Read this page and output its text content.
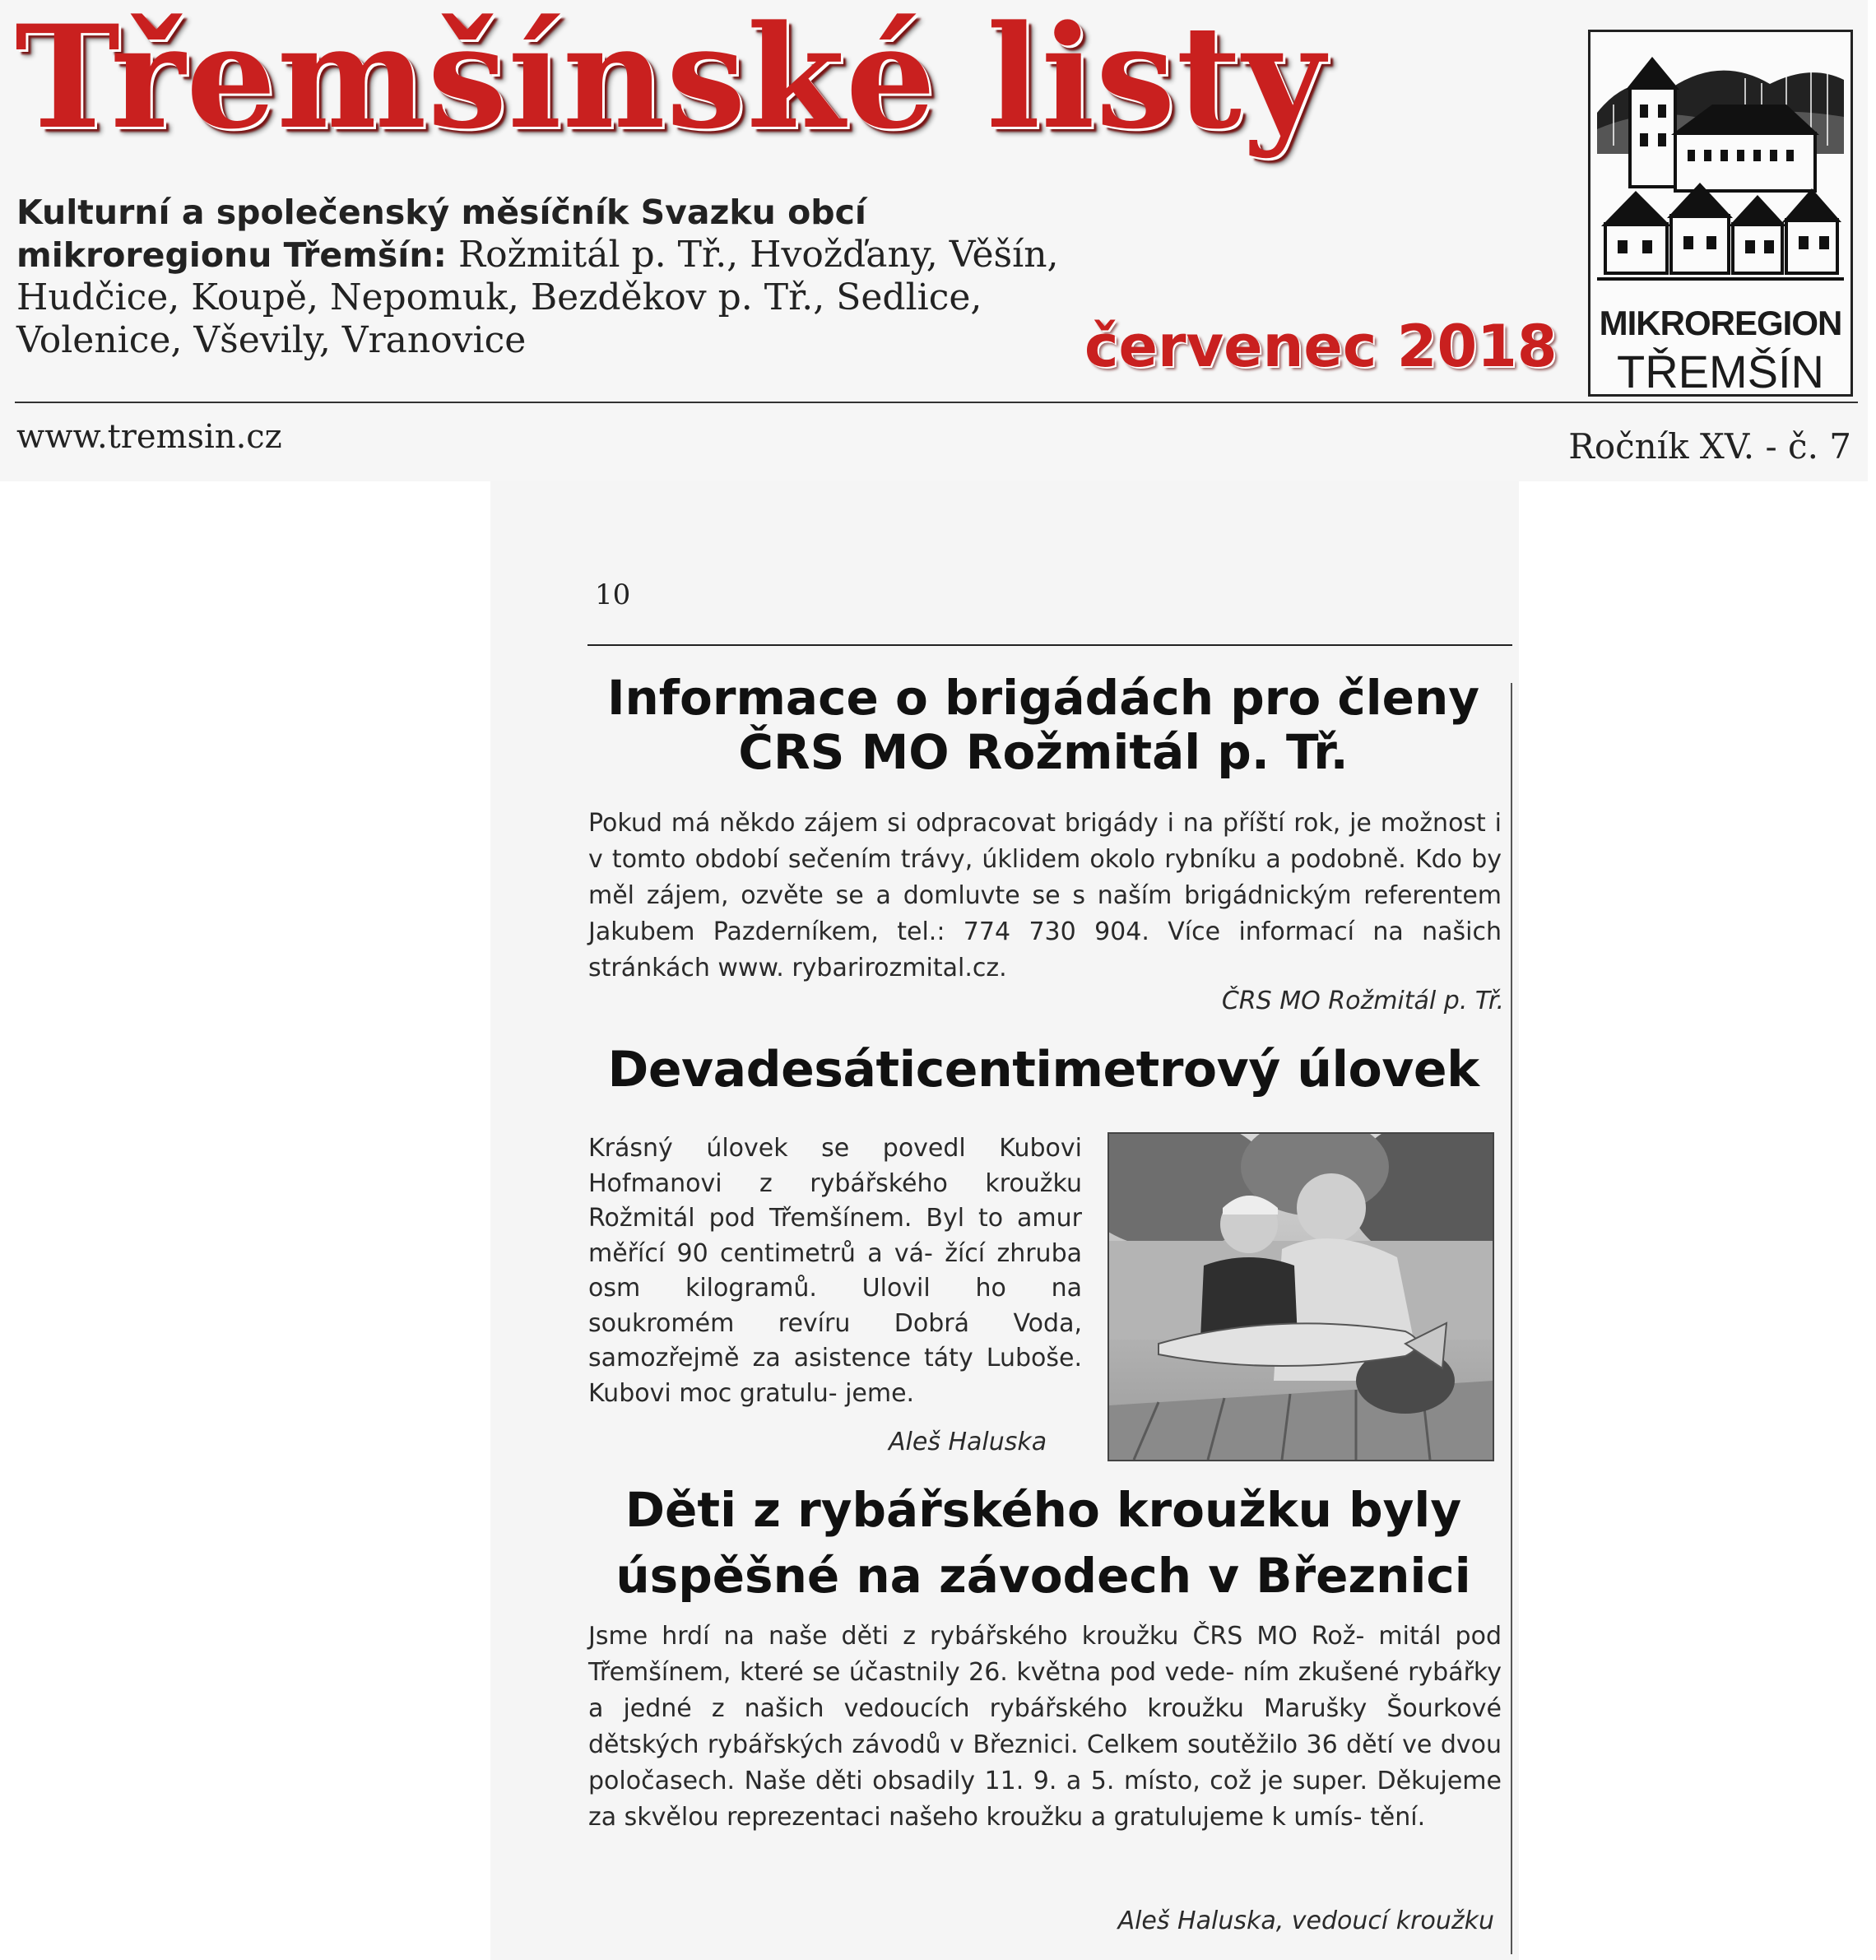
Třemšínské listy
Kulturní a společenský měsíčník Svazku obcí mikroregionu Třemšín: Rožmitál p. Tř., Hvožďany, Věšín, Hudčice, Koupě, Nepomuk, Bezděkov p. Tř., Sedlice, Volenice, Vševily, Vranovice	červenec 2018 MIKROREGION
TŘEMŠÍN
www.tremsin.cz	Ročník XV. - č. 7
10
Informace o brigádách pro členy
ČRS MO Rožmitál p. Tř.

Pokud má někdo zájem si odpracovat brigády i na příští rok, je možnost i v tomto období sečením trávy, úklidem okolo rybníku a podobně. Kdo by měl zájem, ozvěte se a domluvte se s naším brigádnickým referentem Jakubem Pazderníkem, tel.: 774 730 904. Více informací na našich stránkách www. rybarirozmital.cz.

ČRS MO Rožmitál p. Tř.
Devadesáticentimetrový úlovek

Krásný úlovek se povedl Kubovi Hofmanovi z rybářského kroužku Rožmitál pod Třemšínem. Byl to amur měřící 90 centimetrů a vá- žící zhruba osm kilogramů. Ulovil ho na soukromém revíru Dobrá Voda, samozřejmě za asistence táty Luboše. Kubovi moc gratulu- jeme.

Aleš Haluska
Děti z rybářského kroužku byly
úspěšné na závodech v Březnici

Jsme hrdí na naše děti z rybářského kroužku ČRS MO Rož- mitál pod Třemšínem, které se účastnily 26. května pod vede- ním zkušené rybářky a jedné z našich vedoucích rybářského kroužku Marušky Šourkové dětských rybářských závodů v Březnici. Celkem soutěžilo 36 dětí ve dvou poločasech. Naše děti obsadily 11. 9. a 5. místo, což je super. Děkujeme za skvělou reprezentaci našeho kroužku a gratulujeme k umís- tění.

Aleš Haluska, vedoucí kroužku
